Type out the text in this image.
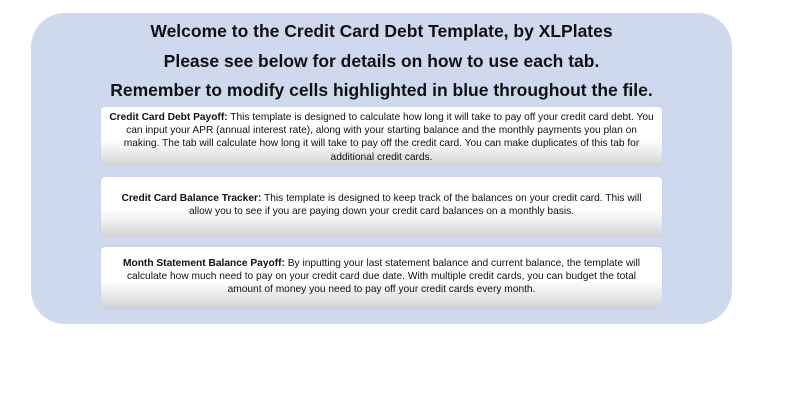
Welcome to the Credit Card Debt Template, by XLPlates
Please see below for details on how to use each tab.
Remember to modify cells highlighted in blue throughout the file.
Credit Card Debt Payoff: This template is designed to calculate how long it will take to pay off your credit card debt. You can input your APR (annual interest rate), along with your starting balance and the monthly payments you plan on making. The tab will calculate how long it will take to pay off the credit card. You can make duplicates of this tab for additional credit cards.
Credit Card Balance Tracker: This template is designed to keep track of the balances on your credit card. This will allow you to see if you are paying down your credit card balances on a monthly basis.
Month Statement Balance Payoff: By inputting your last statement balance and current balance, the template will calculate how much need to pay on your credit card due date. With multiple credit cards, you can budget the total amount of money you need to pay off your credit cards every month.
